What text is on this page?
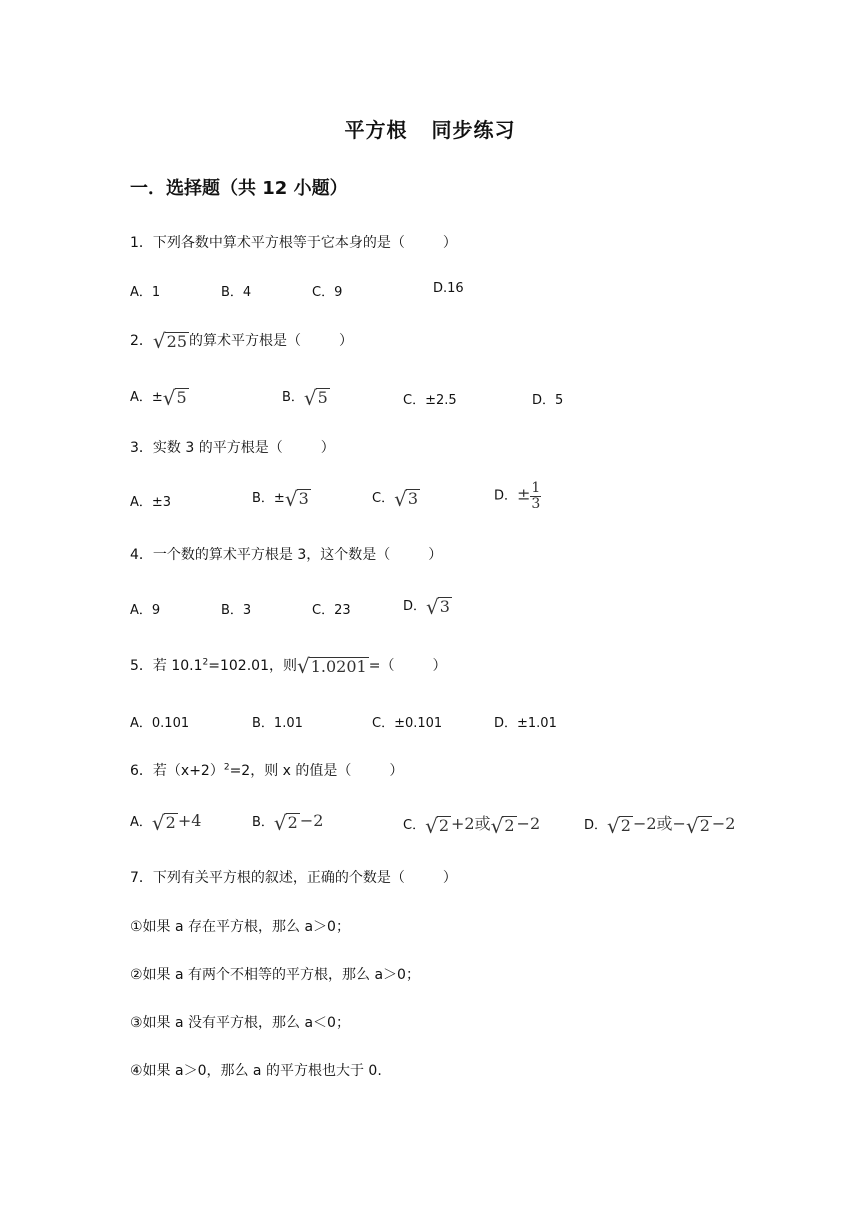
平方根 同步练习
一．选择题（共 12 小题）
1．下列各数中算术平方根等于它本身的是（	）
A．1	B．4	C．9	D.16
2． √ 25 的算术平方根是（	）
A．± √ 5	B． √ 5	C．±2.5	D．5
3．实数 3 的平方根是（	）
A．±3	B．± √ 3	C． √ 3	D．± $\frac{1}{3}$
4．一个数的算术平方根是 3，这个数是（	）
A．9	B．3	C．23	D． √ 3
5．若 $10.1^2=102.01$，则 √ 1.0201 =（	）
A．0.101	B．1.01	C．±0.101	D．±1.01
6．若$(x+2)^2=2$，则 x 的值是（	）
A． √ 2 +4	B． √ 2 −2	C． √ 2 +2或 √ 2 −2	D． √ 2 −2或− √ 2 −2
7．下列有关平方根的叙述，正确的个数是（	）
①如果 a 存在平方根，那么 a＞0；
②如果 a 有两个不相等的平方根，那么 a＞0；
③如果 a 没有平方根，那么 a＜0；
④如果 a＞0，那么 a 的平方根也大于 0.
